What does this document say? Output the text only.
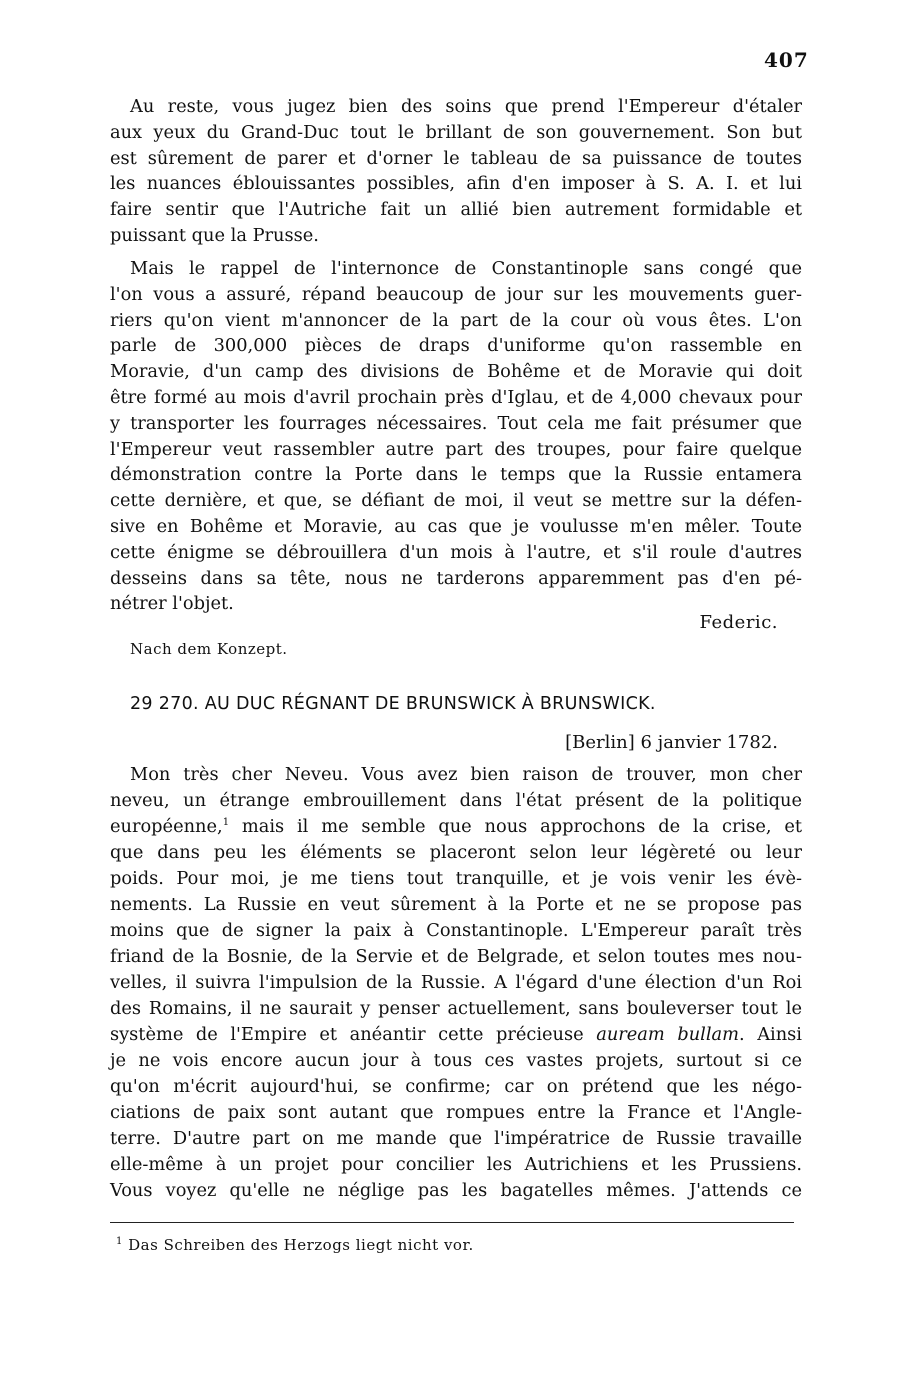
407

Au reste, vous jugez bien des soins que prend l'Empereur d'étaler

aux yeux du Grand-Duc tout le brillant de son gouvernement. Son but

est sûrement de parer et d'orner le tableau de sa puissance de toutes

les nuances éblouissantes possibles, afin d'en imposer à S. A. I. et lui

faire sentir que l'Autriche fait un allié bien autrement formidable et

puissant que la Prusse.

Mais le rappel de l'internonce de Constantinople sans congé que

l'on vous a assuré, répand beaucoup de jour sur les mouvements guer-

riers qu'on vient m'annoncer de la part de la cour où vous êtes. L'on

parle de 300,000 pièces de draps d'uniforme qu'on rassemble en

Moravie, d'un camp des divisions de Bohême et de Moravie qui doit

être formé au mois d'avril prochain près d'Iglau, et de 4,000 chevaux pour

y transporter les fourrages nécessaires. Tout cela me fait présumer que

l'Empereur veut rassembler autre part des troupes, pour faire quelque

démonstration contre la Porte dans le temps que la Russie entamera

cette dernière, et que, se défiant de moi, il veut se mettre sur la défen-

sive en Bohême et Moravie, au cas que je voulusse m'en mêler. Toute

cette énigme se débrouillera d'un mois à l'autre, et s'il roule d'autres

desseins dans sa tête, nous ne tarderons apparemment pas d'en pé-

nétrer l'objet.

Federic.
Nach dem Konzept.
29 270. AU DUC RÉGNANT DE BRUNSWICK À BRUNSWICK.
[Berlin] 6 janvier 1782.

Mon très cher Neveu. Vous avez bien raison de trouver, mon cher

neveu, un étrange embrouillement dans l'état présent de la politique

européenne,$^1$ mais il me semble que nous approchons de la crise, et

que dans peu les éléments se placeront selon leur légèreté ou leur

poids. Pour moi, je me tiens tout tranquille, et je vois venir les évè-

nements. La Russie en veut sûrement à la Porte et ne se propose pas

moins que de signer la paix à Constantinople. L'Empereur paraît très

friand de la Bosnie, de la Servie et de Belgrade, et selon toutes mes nou-

velles, il suivra l'impulsion de la Russie. A l'égard d'une élection d'un Roi

des Romains, il ne saurait y penser actuellement, sans bouleverser tout le

système de l'Empire et anéantir cette précieuse auream bullam. Ainsi

je ne vois encore aucun jour à tous ces vastes projets, surtout si ce

qu'on m'écrit aujourd'hui, se confirme; car on prétend que les négo-

ciations de paix sont autant que rompues entre la France et l'Angle-

terre. D'autre part on me mande que l'impératrice de Russie travaille

elle-même à un projet pour concilier les Autrichiens et les Prussiens.

Vous voyez qu'elle ne néglige pas les bagatelles mêmes. J'attends ce

$^1$ Das Schreiben des Herzogs liegt nicht vor.
